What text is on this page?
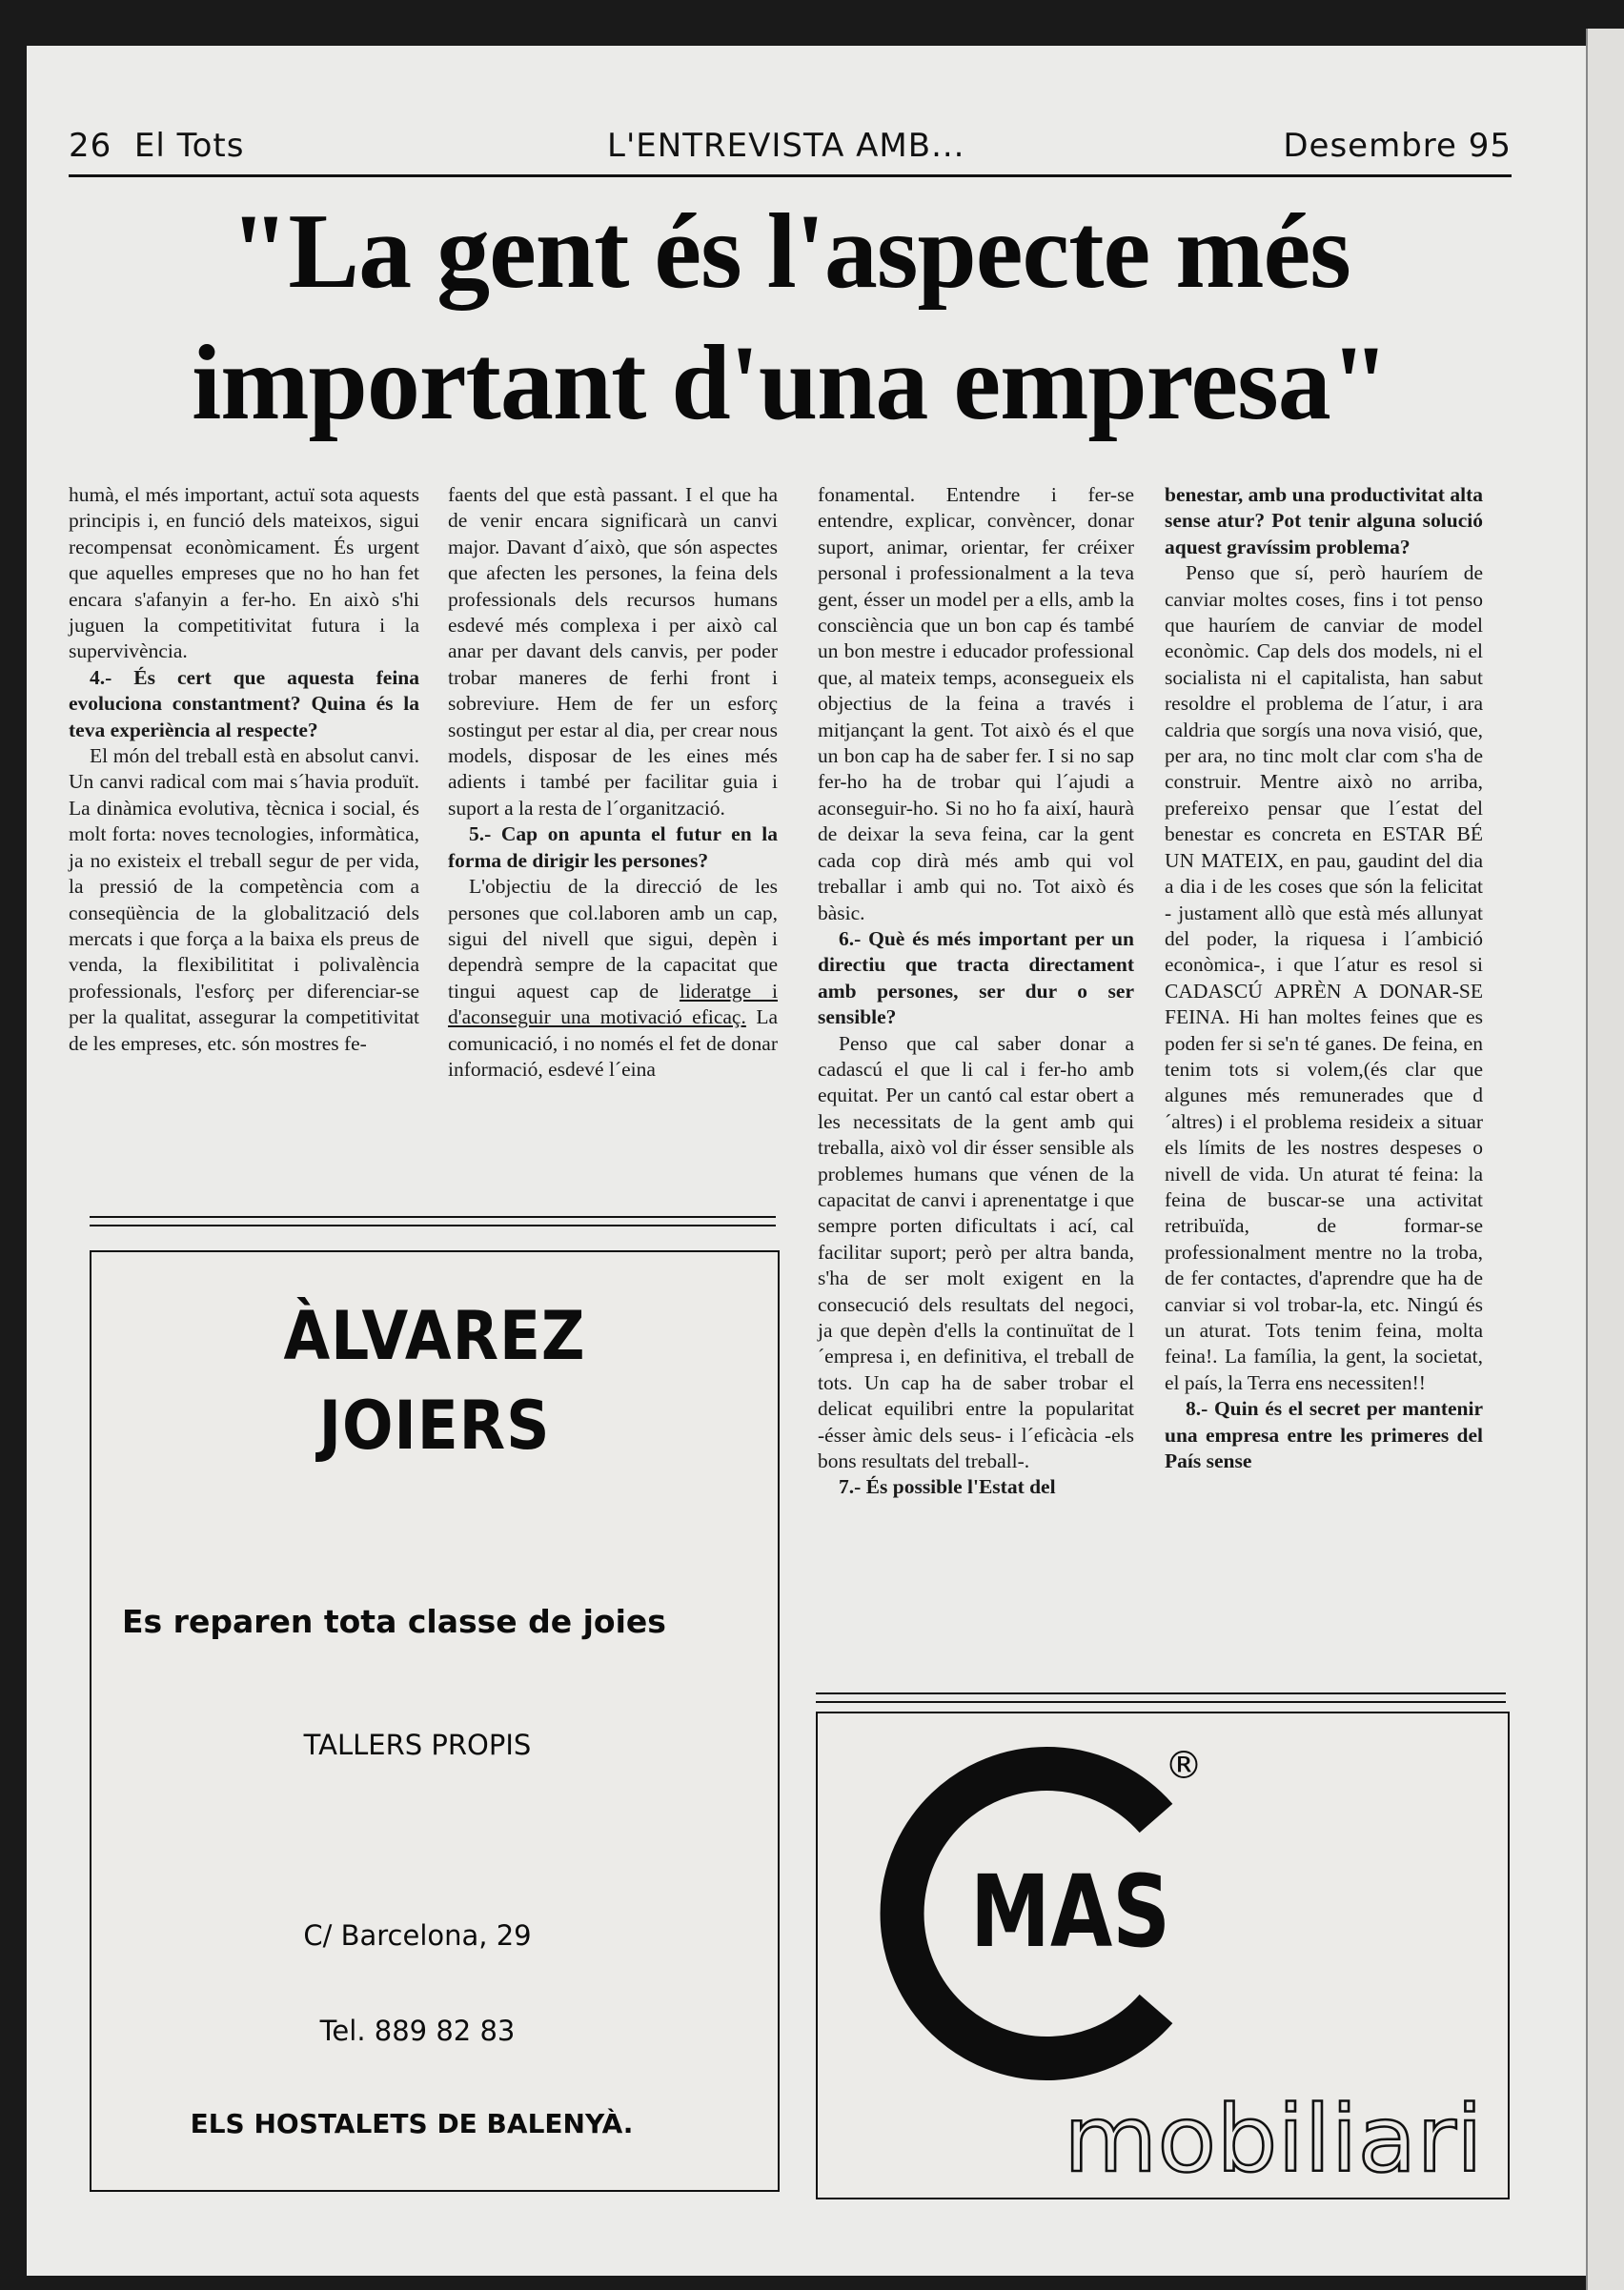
26  El Tots	L'ENTREVISTA AMB...	Desembre 95
"La gent és l'aspecte més important d'una empresa"

humà, el més important, actuï sota aquests principis i, en funció dels mateixos, sigui recompensat econòmicament. És urgent que aquelles empreses que no ho han fet encara s'afanyin a fer-ho. En això s'hi juguen la competitivitat futura i la supervivència.

4.- És cert que aquesta feina evoluciona constantment? Quina és la teva experiència al respecte?

El món del treball està en absolut canvi. Un canvi radical com mai s´havia produït. La dinàmica evolutiva, tècnica i social, és molt forta: noves tecnologies, informàtica, ja no existeix el treball segur de per vida, la pressió de la competència com a conseqüència de la globalització dels mercats i que força a la baixa els preus de venda, la flexibilititat i polivalència professionals, l'esforç per diferenciar-se per la qualitat, assegurar la competitivitat de les empreses, etc. són mostres fe-

faents del que està passant. I el que ha de venir encara significarà un canvi major. Davant d´això, que són aspectes que afecten les persones, la feina dels professionals dels recursos humans esdevé més complexa i per això cal anar per davant dels canvis, per poder trobar maneres de ferhi front i sobreviure. Hem de fer un esforç sostingut per estar al dia, per crear nous models, disposar de les eines més adients i també per facilitar guia i suport a la resta de l´organització.

5.- Cap on apunta el futur en la forma de dirigir les persones?

L'objectiu de la direcció de les persones que col.laboren amb un cap, sigui del nivell que sigui, depèn i dependrà sempre de la capacitat que tingui aquest cap de lideratge i d'aconseguir una motivació eficaç. La comunicació, i no només el fet de donar informació, esdevé l´eina

fonamental. Entendre i fer-se entendre, explicar, convèncer, donar suport, animar, orientar, fer créixer personal i professionalment a la teva gent, ésser un model per a ells, amb la consciència que un bon cap és també un bon mestre i educador professional que, al mateix temps, aconsegueix els objectius de la feina a través i mitjançant la gent. Tot això és el que un bon cap ha de saber fer. I si no sap fer-ho ha de trobar qui l´ajudi a aconseguir-ho. Si no ho fa així, haurà de deixar la seva feina, car la gent cada cop dirà més amb qui vol treballar i amb qui no. Tot això és bàsic.

6.- Què és més important per un directiu que tracta directament amb persones, ser dur o ser sensible?

Penso que cal saber donar a cadascú el que li cal i fer-ho amb equitat. Per un cantó cal estar obert a les necessitats de la gent amb qui treballa, això vol dir ésser sensible als problemes humans que vénen de la capacitat de canvi i aprenentatge i que sempre porten dificultats i ací, cal facilitar suport; però per altra banda, s'ha de ser molt exigent en la consecució dels resultats del negoci, ja que depèn d'ells la continuïtat de l´empresa i, en definitiva, el treball de tots. Un cap ha de saber trobar el delicat equilibri entre la popularitat -ésser àmic dels seus- i l´eficàcia -els bons resultats del treball-.

7.- És possible l'Estat del

benestar, amb una productivitat alta sense atur? Pot tenir alguna solució aquest gravíssim problema?

Penso que sí, però hauríem de canviar moltes coses, fins i tot penso que hauríem de canviar de model econòmic. Cap dels dos models, ni el socialista ni el capitalista, han sabut resoldre el problema de l´atur, i ara caldria que sorgís una nova visió, que, per ara, no tinc molt clar com s'ha de construir. Mentre això no arriba, prefereixo pensar que l´estat del benestar es concreta en ESTAR BÉ UN MATEIX, en pau, gaudint del dia a dia i de les coses que són la felicitat - justament allò que està més allunyat del poder, la riquesa i l´ambició econòmica-, i que l´atur es resol si CADASCÚ APRÈN A DONAR-SE FEINA. Hi han moltes feines que es poden fer si se'n té ganes. De feina, en tenim tots si volem,(és clar que algunes més remunerades que d´altres) i el problema resideix a situar els límits de les nostres despeses o nivell de vida. Un aturat té feina: la feina de buscar-se una activitat retribuïda, de formar-se professionalment mentre no la troba, de fer contactes, d'aprendre que ha de canviar si vol trobar-la, etc. Ningú és un aturat. Tots tenim feina, molta feina!. La família, la gent, la societat, el país, la Terra ens necessiten!!

8.- Quin és el secret per mantenir una empresa entre les primeres del País sense

ÀLVAREZ
JOIERS
Es reparen tota classe de joies
TALLERS PROPIS
C/ Barcelona, 29
Tel. 889 82 83
ELS HOSTALETS DE BALENYÀ.
MAS
®
mobiliari
